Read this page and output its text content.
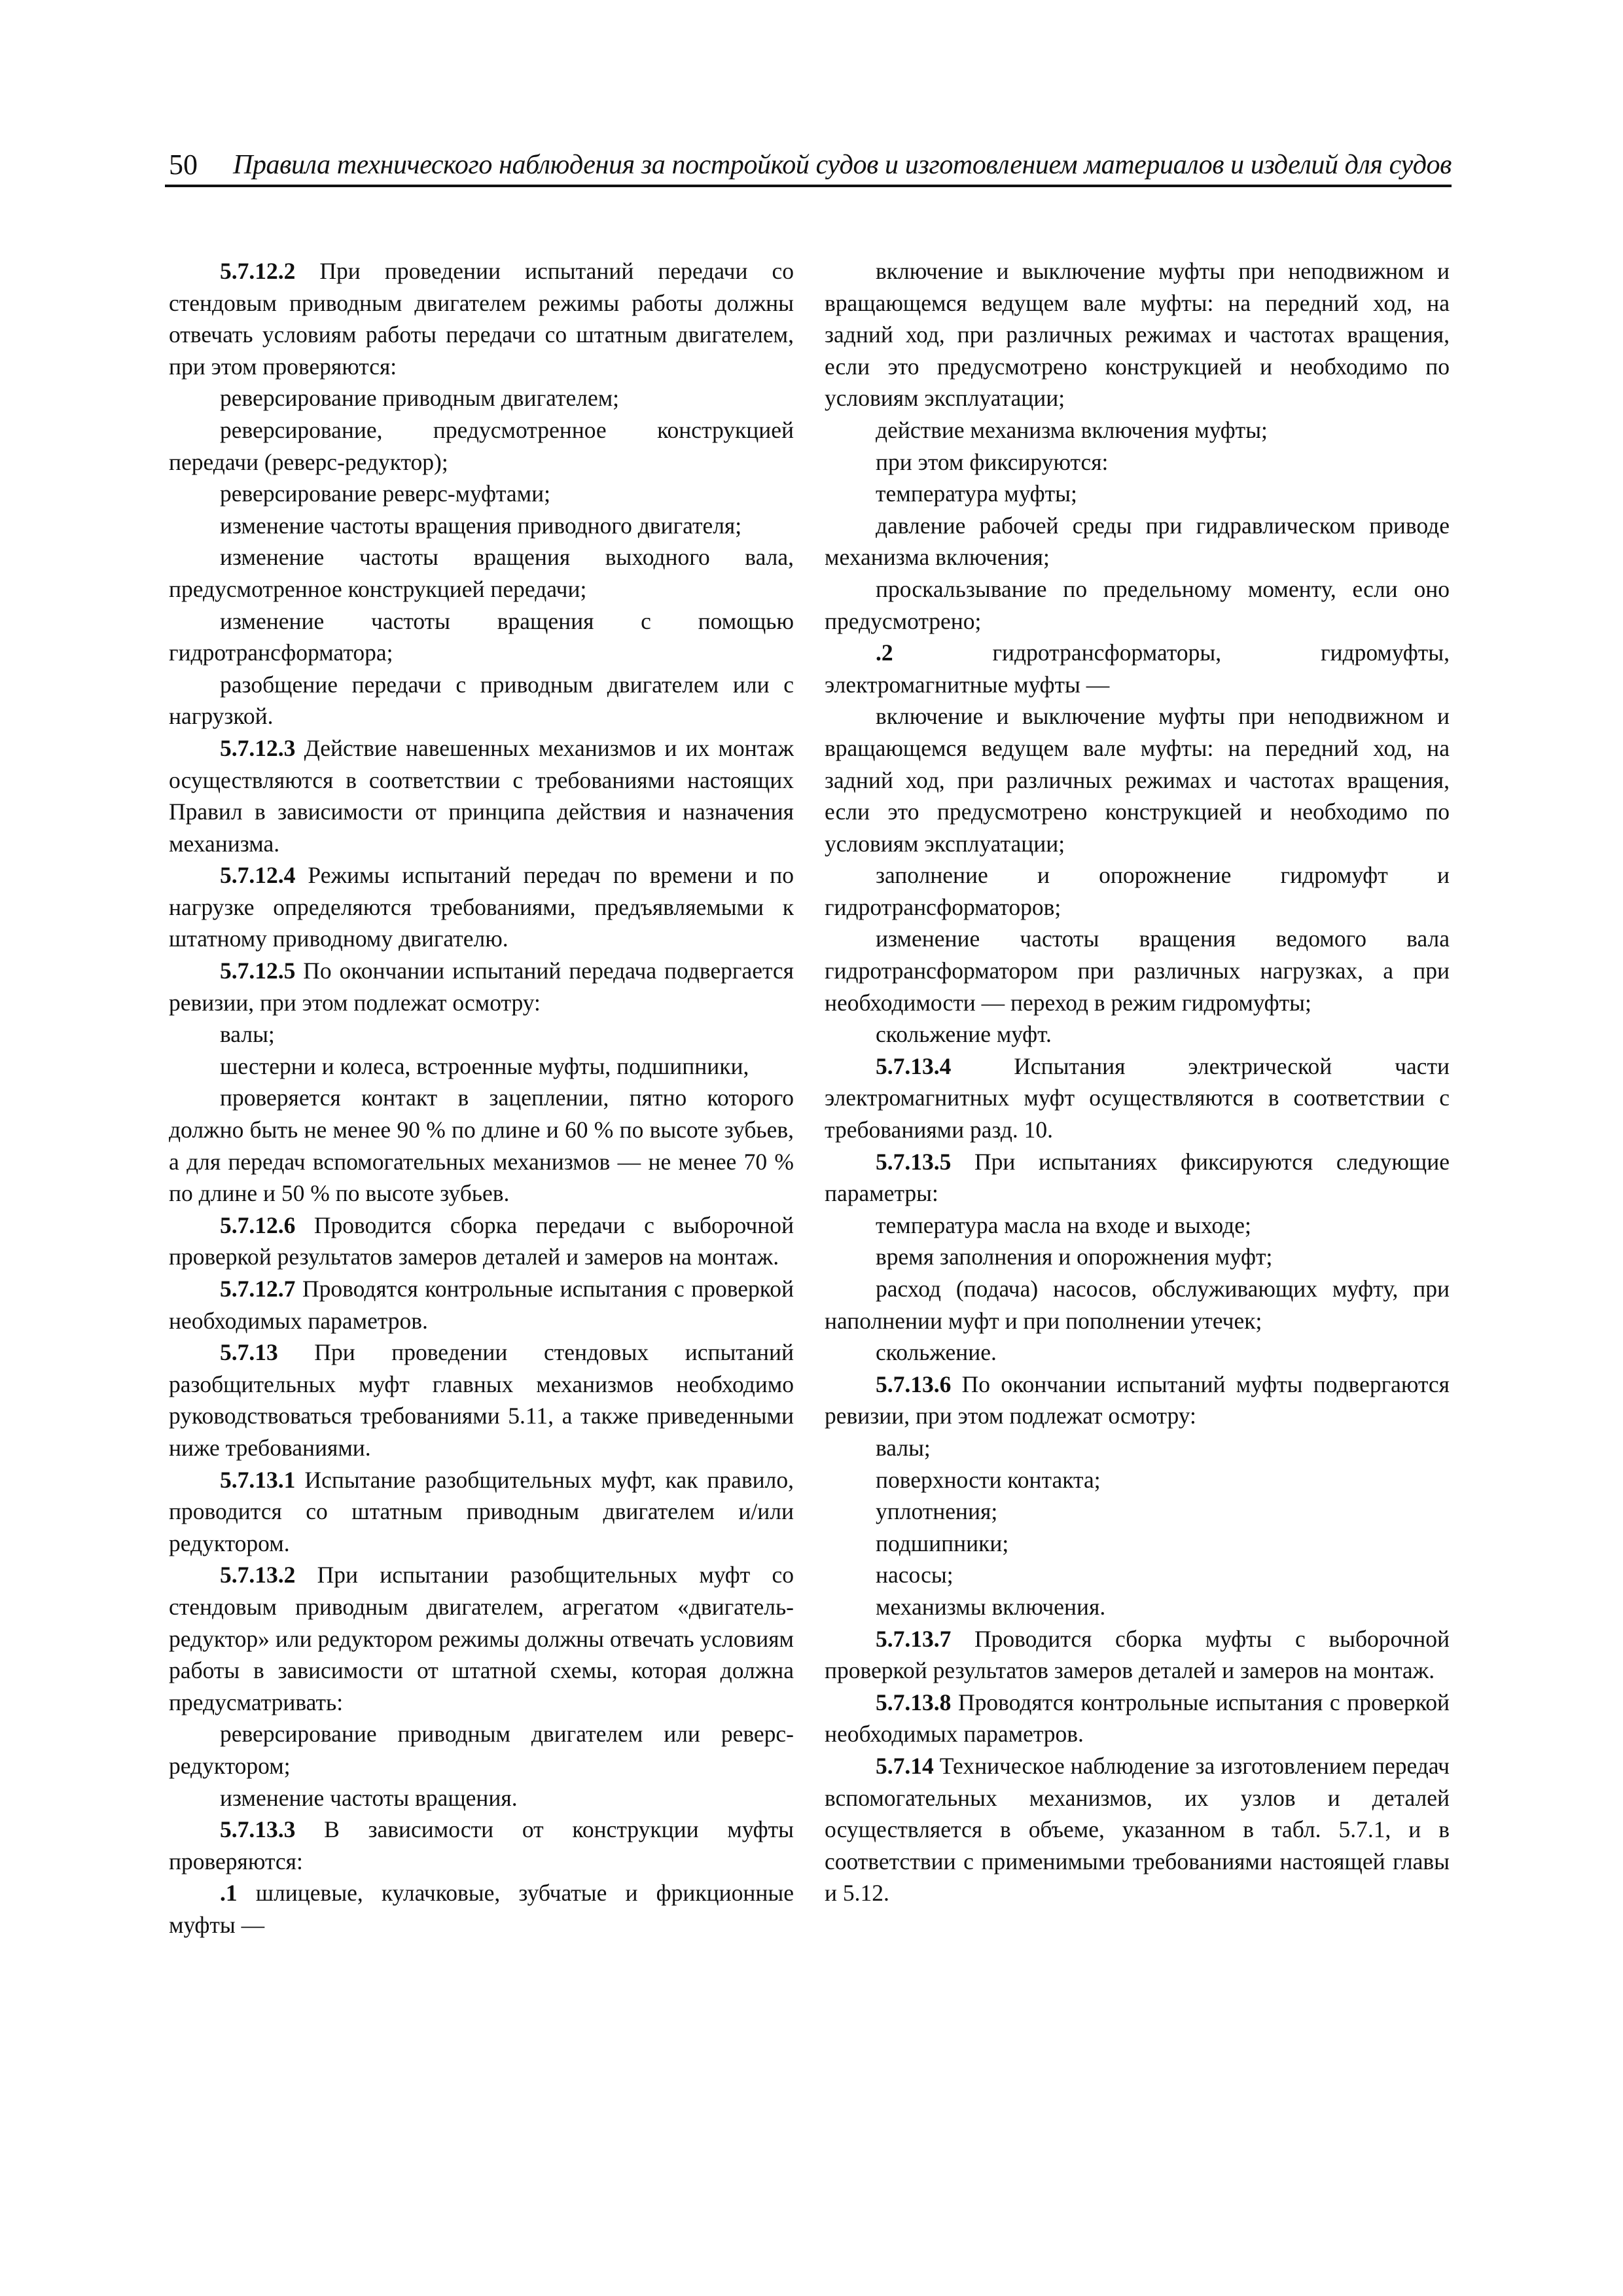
50 Правила технического наблюдения за постройкой судов и изготовлением материалов и изделий для судов

5.7.12.2 При проведении испытаний передачи со стендовым приводным двигателем режимы работы должны отвечать условиям работы передачи со штатным двигателем, при этом проверяются:

реверсирование приводным двигателем;

реверсирование, предусмотренное конструкцией передачи (реверс-редуктор);

реверсирование реверс-муфтами;

изменение частоты вращения приводного двигателя;

изменение частоты вращения выходного вала, предусмотренное конструкцией передачи;

изменение частоты вращения с помощью гидротрансформатора;

разобщение передачи с приводным двигателем или с нагрузкой.

5.7.12.3 Действие навешенных механизмов и их монтаж осуществляются в соответствии с требованиями настоящих Правил в зависимости от принципа действия и назначения механизма.

5.7.12.4 Режимы испытаний передач по времени и по нагрузке определяются требованиями, предъявляемыми к штатному приводному двигателю.

5.7.12.5 По окончании испытаний передача подвергается ревизии, при этом подлежат осмотру:

валы;

шестерни и колеса, встроенные муфты, подшипники,

проверяется контакт в зацеплении, пятно которого должно быть не менее 90 % по длине и 60 % по высоте зубьев, а для передач вспомогательных механизмов — не менее 70 % по длине и 50 % по высоте зубьев.

5.7.12.6 Проводится сборка передачи с выборочной проверкой результатов замеров деталей и замеров на монтаж.

5.7.12.7 Проводятся контрольные испытания с проверкой необходимых параметров.

5.7.13 При проведении стендовых испытаний разобщительных муфт главных механизмов необходимо руководствоваться требованиями 5.11, а также приведенными ниже требованиями.

5.7.13.1 Испытание разобщительных муфт, как правило, проводится со штатным приводным двигателем и/или редуктором.

5.7.13.2 При испытании разобщительных муфт со стендовым приводным двигателем, агрегатом «двигатель-редуктор» или редуктором режимы должны отвечать условиям работы в зависимости от штатной схемы, которая должна предусматривать:

реверсирование приводным двигателем или реверс-редуктором;

изменение частоты вращения.

5.7.13.3 В зависимости от конструкции муфты проверяются:

.1 шлицевые, кулачковые, зубчатые и фрикционные муфты —

включение и выключение муфты при неподвижном и вращающемся ведущем вале муфты: на передний ход, на задний ход, при различных режимах и частотах вращения, если это предусмотрено конструкцией и необходимо по условиям эксплуатации;

действие механизма включения муфты;

при этом фиксируются:

температура муфты;

давление рабочей среды при гидравлическом приводе механизма включения;

проскальзывание по предельному моменту, если оно предусмотрено;

.2 гидротрансформаторы, гидромуфты, электромагнитные муфты —

включение и выключение муфты при неподвижном и вращающемся ведущем вале муфты: на передний ход, на задний ход, при различных режимах и частотах вращения, если это предусмотрено конструкцией и необходимо по условиям эксплуатации;

заполнение и опорожнение гидромуфт и гидротрансформаторов;

изменение частоты вращения ведомого вала гидротрансформатором при различных нагрузках, а при необходимости — переход в режим гидромуфты;

скольжение муфт.

5.7.13.4 Испытания электрической части электромагнитных муфт осуществляются в соответствии с требованиями разд. 10.

5.7.13.5 При испытаниях фиксируются следующие параметры:

температура масла на входе и выходе;

время заполнения и опорожнения муфт;

расход (подача) насосов, обслуживающих муфту, при наполнении муфт и при пополнении утечек;

скольжение.

5.7.13.6 По окончании испытаний муфты подвергаются ревизии, при этом подлежат осмотру:

валы;

поверхности контакта;

уплотнения;

подшипники;

насосы;

механизмы включения.

5.7.13.7 Проводится сборка муфты с выборочной проверкой результатов замеров деталей и замеров на монтаж.

5.7.13.8 Проводятся контрольные испытания с проверкой необходимых параметров.

5.7.14 Техническое наблюдение за изготовлением передач вспомогательных механизмов, их узлов и деталей осуществляется в объеме, указанном в табл. 5.7.1, и в соответствии с применимыми требованиями настоящей главы и 5.12.
